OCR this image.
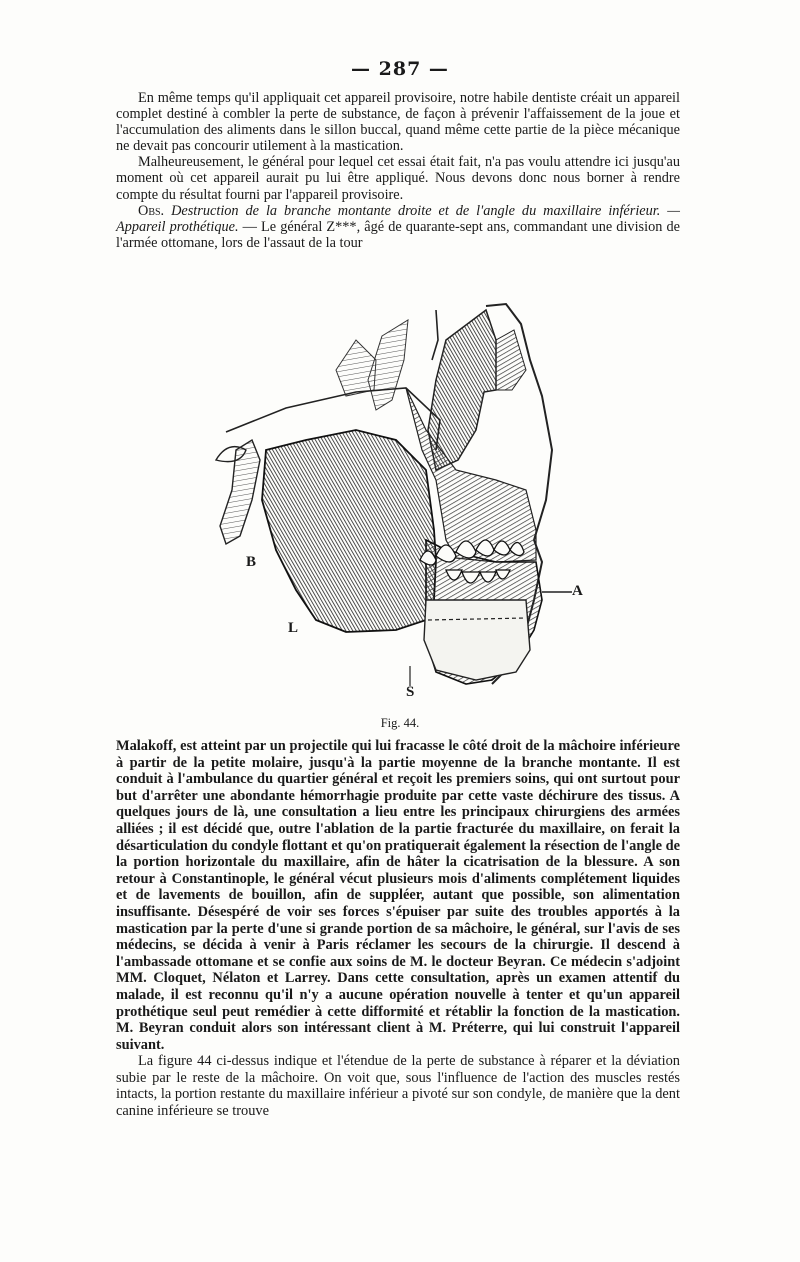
— 287 —

En même temps qu'il appliquait cet appareil provisoire, notre habile dentiste créait un appareil complet destiné à combler la perte de substance, de façon à prévenir l'affaissement de la joue et l'accumulation des aliments dans le sillon buccal, quand même cette partie de la pièce mécanique ne devait pas concourir utilement à la mastication.

Malheureusement, le général pour lequel cet essai était fait, n'a pas voulu attendre ici jusqu'au moment où cet appareil aurait pu lui être appliqué. Nous devons donc nous borner à rendre compte du résultat fourni par l'appareil provisoire.

Obs. Destruction de la branche montante droite et de l'angle du maxillaire inférieur. — Appareil prothétique. — Le général Z***, âgé de quarante-sept ans, commandant une division de l'armée ottomane, lors de l'assaut de la tour

B
L
A
S
Fig. 44.

Malakoff, est atteint par un projectile qui lui fracasse le côté droit de la mâchoire inférieure à partir de la petite molaire, jusqu'à la partie moyenne de la branche montante. Il est conduit à l'ambulance du quartier général et reçoit les premiers soins, qui ont surtout pour but d'arrêter une abondante hémorrhagie produite par cette vaste déchirure des tissus. A quelques jours de là, une consultation a lieu entre les principaux chirurgiens des armées alliées ; il est décidé que, outre l'ablation de la partie fracturée du maxillaire, on ferait la désarticulation du condyle flottant et qu'on pratiquerait également la résection de l'angle de la portion horizontale du maxillaire, afin de hâter la cicatrisation de la blessure. A son retour à Constantinople, le général vécut plusieurs mois d'aliments complétement liquides et de lavements de bouillon, afin de suppléer, autant que possible, son alimentation insuffisante. Désespéré de voir ses forces s'épuiser par suite des troubles apportés à la mastication par la perte d'une si grande portion de sa mâchoire, le général, sur l'avis de ses médecins, se décida à venir à Paris réclamer les secours de la chirurgie. Il descend à l'ambassade ottomane et se confie aux soins de M. le docteur Beyran. Ce médecin s'adjoint MM. Cloquet, Nélaton et Larrey. Dans cette consultation, après un examen attentif du malade, il est reconnu qu'il n'y a aucune opération nouvelle à tenter et qu'un appareil prothétique seul peut remédier à cette difformité et rétablir la fonction de la mastication. M. Beyran conduit alors son intéressant client à M. Préterre, qui lui construit l'appareil suivant.

La figure 44 ci-dessus indique et l'étendue de la perte de substance à réparer et la déviation subie par le reste de la mâchoire. On voit que, sous l'influence de l'action des muscles restés intacts, la portion restante du maxillaire inférieur a pivoté sur son condyle, de manière que la dent canine inférieure se trouve
